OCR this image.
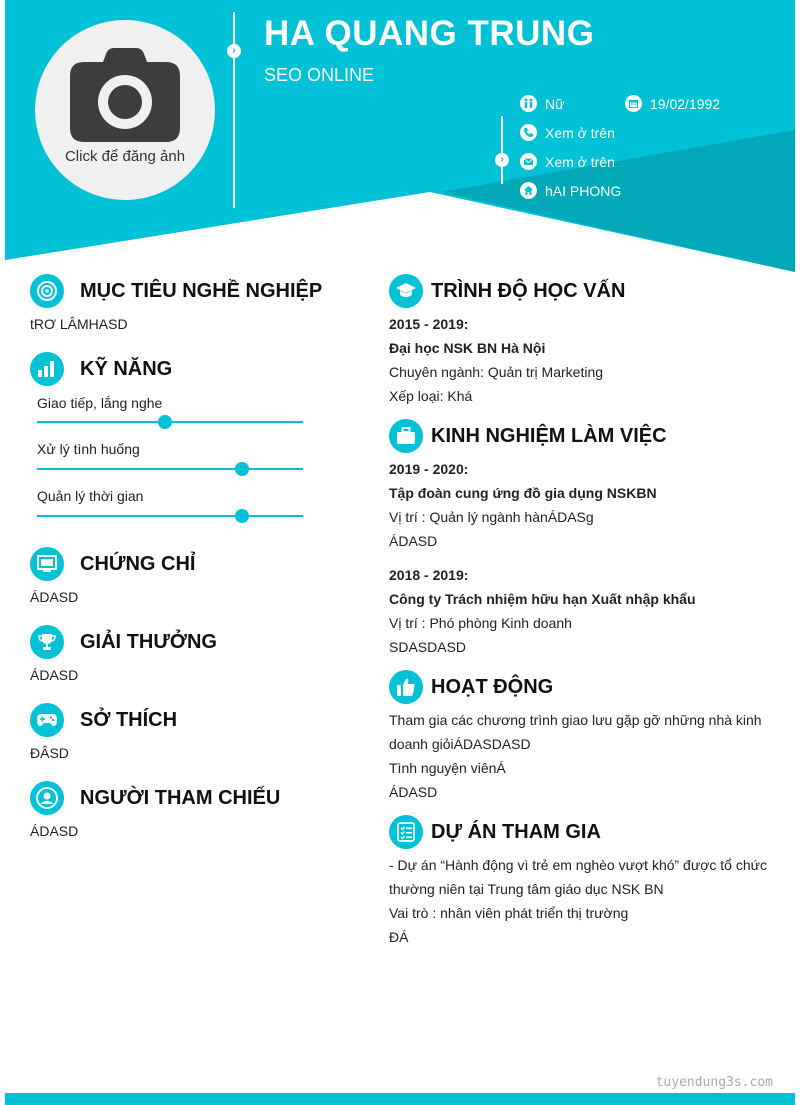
Click để đăng ảnh
› HA QUANG TRUNG
SEO ONLINE
›
Nữ	19/02/1992
Xem ở trên
Xem ở trên
hAI PHONG
MỤC TIÊU NGHỀ NGHIỆP
tRƠ LÂMHASD
KỸ NĂNG
Giao tiếp, lắng nghe
Xử lý tình huống
Quản lý thời gian
CHỨNG CHỈ
ÁDASD
GIẢI THƯỞNG
ÁDASD
SỞ THÍCH
ĐÂSD
NGƯỜI THAM CHIẾU
ÁDASD
TRÌNH ĐỘ HỌC VẤN
2015 - 2019:
Đại học NSK BN Hà Nội
Chuyên ngành: Quản trị Marketing
Xếp loại: Khá
KINH NGHIỆM LÀM VIỆC
2019 - 2020:
Tập đoàn cung ứng đồ gia dụng NSKBN
Vị trí : Quản lý ngành hànÁDASg
ÁDASD
2018 - 2019:
Công ty Trách nhiệm hữu hạn Xuất nhập khẩu
Vị trí : Phó phòng Kinh doanh
SDASDASD
HOẠT ĐỘNG
Tham gia các chương trình giao lưu gặp gỡ những nhà kinh
doanh giỏiÁDASDASD
Tình nguyện viênÁ
ÁDASD
DỰ ÁN THAM GIA
- Dự án “Hành động vì trẻ em nghèo vượt khó” được tổ chức
thường niên tại Trung tâm giáo dục NSK BN
Vai trò : nhân viên phát triển thị trường
ĐÁ
tuyendung3s.com
